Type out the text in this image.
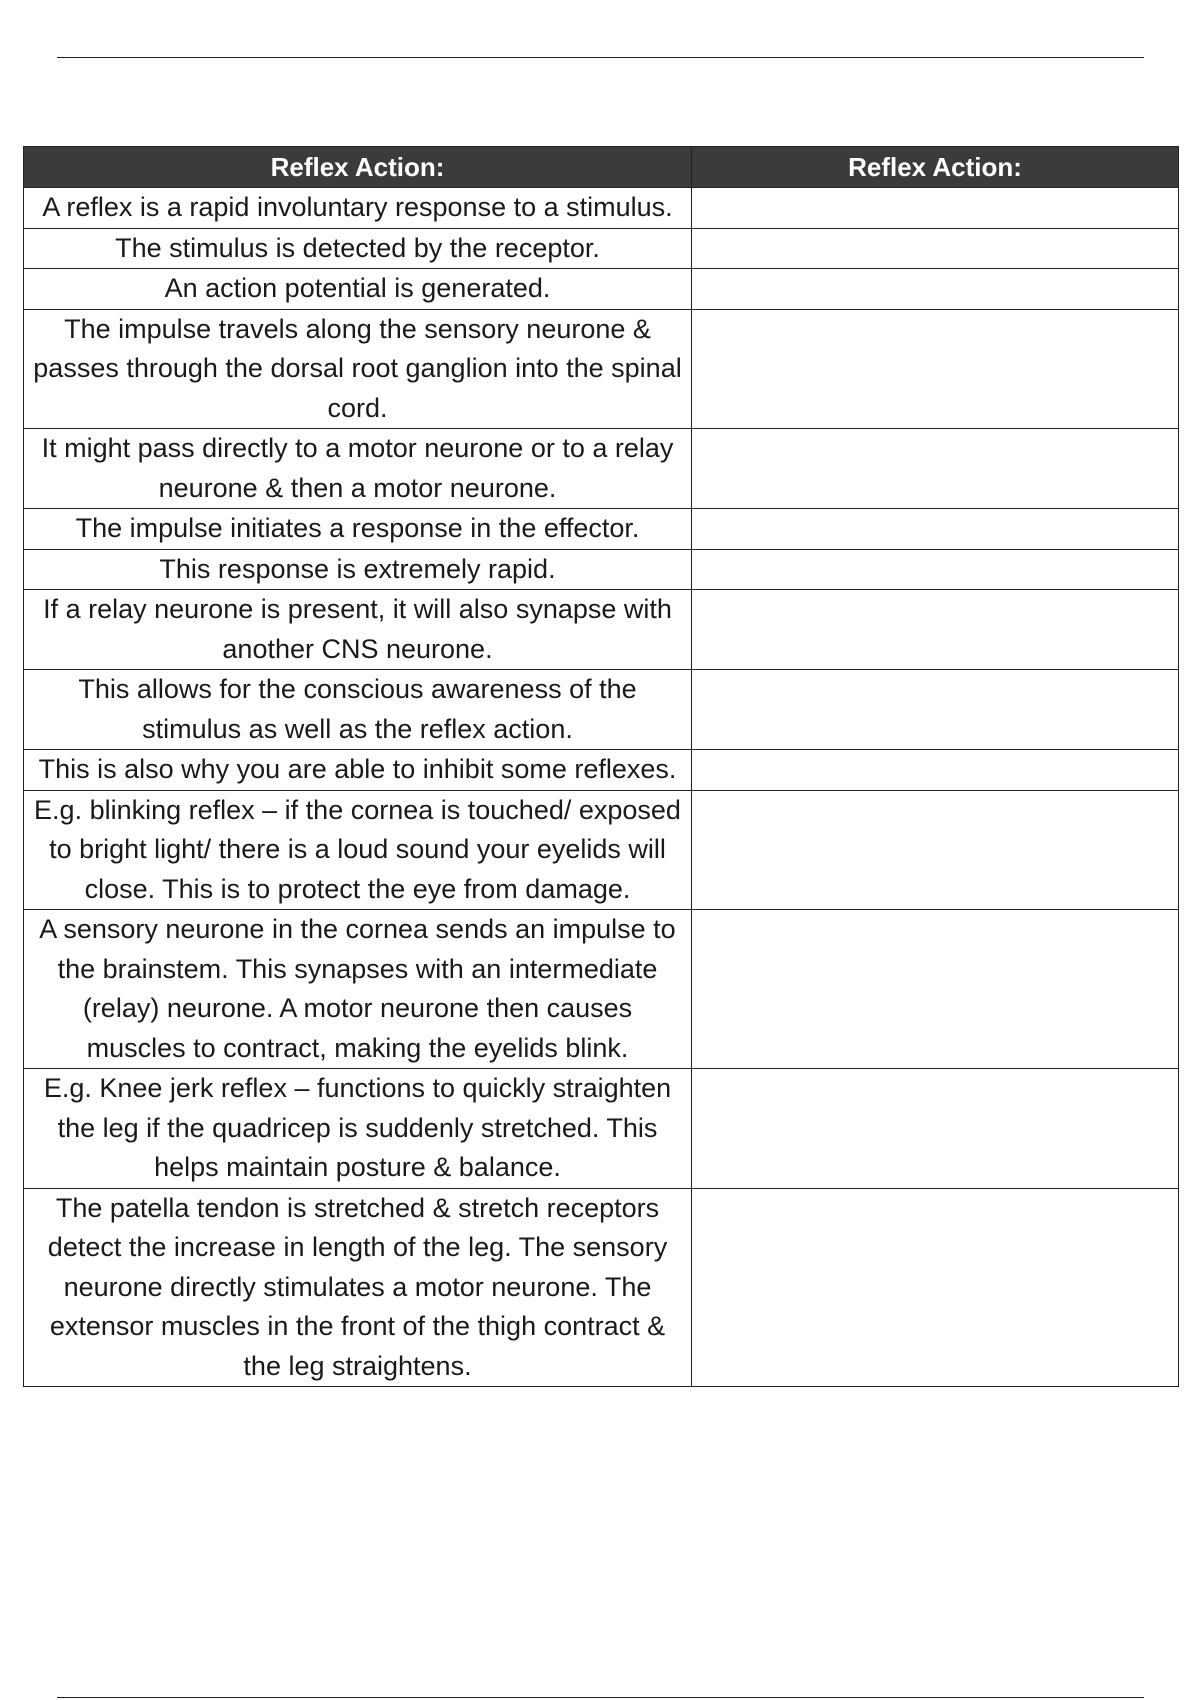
Reflex Action:	Reflex Action:
A reflex is a rapid involuntary response to a stimulus.	
The stimulus is detected by the receptor.	
An action potential is generated.	
The impulse travels along the sensory neurone & passes through the dorsal root ganglion into the spinal cord.	
It might pass directly to a motor neurone or to a relay neurone & then a motor neurone.	
The impulse initiates a response in the effector.	
This response is extremely rapid.	
If a relay neurone is present, it will also synapse with another CNS neurone.	
This allows for the conscious awareness of the stimulus as well as the reflex action.	
This is also why you are able to inhibit some reflexes.	
E.g. blinking reflex – if the cornea is touched/ exposed to bright light/ there is a loud sound your eyelids will close. This is to protect the eye from damage.	
A sensory neurone in the cornea sends an impulse to the brainstem. This synapses with an intermediate (relay) neurone. A motor neurone then causes muscles to contract, making the eyelids blink.	
E.g. Knee jerk reflex – functions to quickly straighten the leg if the quadricep is suddenly stretched. This helps maintain posture & balance.	
The patella tendon is stretched & stretch receptors detect the increase in length of the leg. The sensory neurone directly stimulates a motor neurone. The extensor muscles in the front of the thigh contract & the leg straightens.	
